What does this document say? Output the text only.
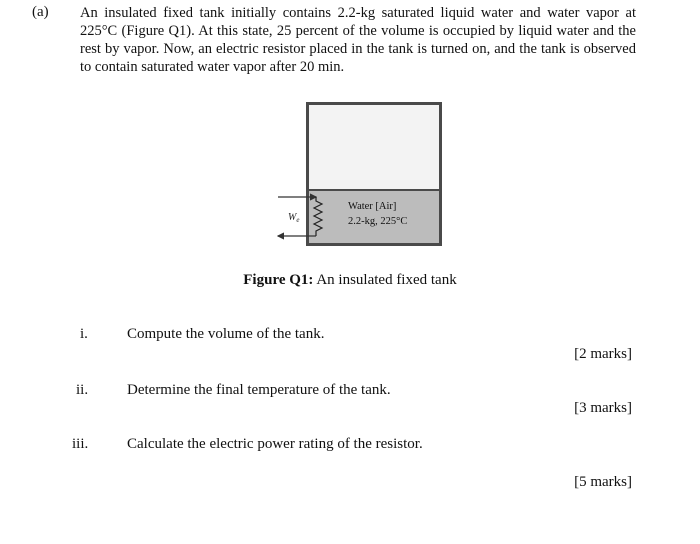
(a) An insulated fixed tank initially contains 2.2-kg saturated liquid water and water vapor at 225°C (Figure Q1). At this state, 25 percent of the volume is occupied by liquid water and the rest by vapor. Now, an electric resistor placed in the tank is turned on, and the tank is observed to contain saturated water vapor after 20 min.
$W_e$
Water [Air]
2.2-kg, 225°C
Figure Q1: An insulated fixed tank
i.	Compute the volume of the tank.
[2 marks]
ii.	Determine the final temperature of the tank.
[3 marks]
iii.	Calculate the electric power rating of the resistor.
[5 marks]
